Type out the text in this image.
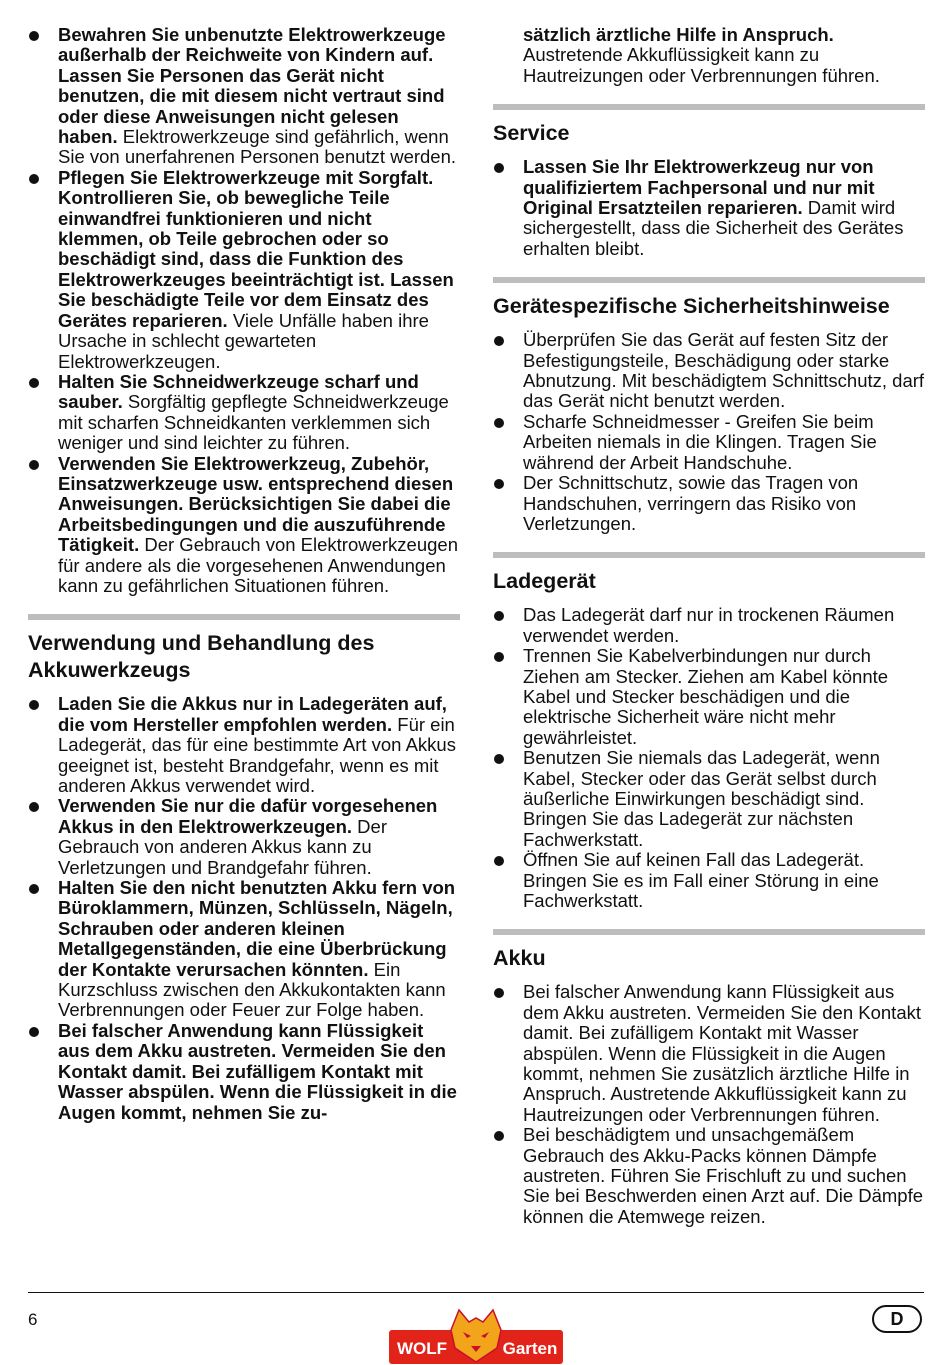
Bewahren Sie unbenutzte Elektrowerkzeuge außerhalb der Reichweite von Kindern auf. Lassen Sie Personen das Gerät nicht benutzen, die mit diesem nicht vertraut sind oder diese Anweisungen nicht gelesen haben. Elektrowerkzeuge sind gefährlich, wenn Sie von unerfahrenen Personen benutzt werden.
Pflegen Sie Elektrowerkzeuge mit Sorgfalt. Kontrollieren Sie, ob bewegliche Teile einwandfrei funktionieren und nicht klemmen, ob Teile gebrochen oder so beschädigt sind, dass die Funktion des Elektrowerkzeuges beeinträchtigt ist. Lassen Sie beschädigte Teile vor dem Einsatz des Gerätes reparieren. Viele Unfälle haben ihre Ursache in schlecht gewarteten Elektrowerkzeugen.
Halten Sie Schneidwerkzeuge scharf und sauber. Sorgfältig gepflegte Schneidwerkzeuge mit scharfen Schneidkanten verklemmen sich weniger und sind leichter zu führen.
Verwenden Sie Elektrowerkzeug, Zubehör, Einsatzwerkzeuge usw. entsprechend diesen Anweisungen. Berücksichtigen Sie dabei die Arbeitsbedingungen und die auszuführende Tätigkeit. Der Gebrauch von Elektrowerkzeugen für andere als die vorgesehenen Anwendungen kann zu gefährlichen Situationen führen.
Verwendung und Behandlung des Akkuwerkzeugs
Laden Sie die Akkus nur in Ladegeräten auf, die vom Hersteller empfohlen werden. Für ein Ladegerät, das für eine bestimmte Art von Akkus geeignet ist, besteht Brandgefahr, wenn es mit anderen Akkus verwendet wird.
Verwenden Sie nur die dafür vorgesehenen Akkus in den Elektrowerkzeugen. Der Gebrauch von anderen Akkus kann zu Verletzungen und Brandgefahr führen.
Halten Sie den nicht benutzten Akku fern von Büroklammern, Münzen, Schlüsseln, Nägeln, Schrauben oder anderen kleinen Metallgegenständen, die eine Überbrückung der Kontakte verursachen könnten. Ein Kurzschluss zwischen den Akkukontakten kann Verbrennungen oder Feuer zur Folge haben.
Bei falscher Anwendung kann Flüssigkeit aus dem Akku austreten. Vermeiden Sie den Kontakt damit. Bei zufälligem Kontakt mit Wasser abspülen. Wenn die Flüssigkeit in die Augen kommt, nehmen Sie zu-
sätzlich ärztliche Hilfe in Anspruch. Austretende Akkuflüssigkeit kann zu Hautreizungen oder Verbrennungen führen.
Service
Lassen Sie Ihr Elektrowerkzeug nur von qualifiziertem Fachpersonal und nur mit Original Ersatzteilen reparieren. Damit wird sichergestellt, dass die Sicherheit des Gerätes erhalten bleibt.
Gerätespezifische Sicherheitshinweise
Überprüfen Sie das Gerät auf festen Sitz der Befestigungsteile, Beschädigung oder starke Abnutzung. Mit beschädigtem Schnittschutz, darf das Gerät nicht benutzt werden.
Scharfe Schneidmesser - Greifen Sie beim Arbeiten niemals in die Klingen. Tragen Sie während der Arbeit Handschuhe.
Der Schnittschutz, sowie das Tragen von Handschuhen, verringern das Risiko von Verletzungen.
Ladegerät
Das Ladegerät darf nur in trockenen Räumen verwendet werden.
Trennen Sie Kabelverbindungen nur durch Ziehen am Stecker. Ziehen am Kabel könnte Kabel und Stecker beschädigen und die elektrische Sicherheit wäre nicht mehr gewährleistet.
Benutzen Sie niemals das Ladegerät, wenn Kabel, Stecker oder das Gerät selbst durch äußerliche Einwirkungen beschädigt sind. Bringen Sie das Ladegerät zur nächsten Fachwerkstatt.
Öffnen Sie auf keinen Fall das Ladegerät. Bringen Sie es im Fall einer Störung in eine Fachwerkstatt.
Akku
Bei falscher Anwendung kann Flüssigkeit aus dem Akku austreten. Vermeiden Sie den Kontakt damit. Bei zufälligem Kontakt mit Wasser abspülen. Wenn die Flüssigkeit in die Augen kommt, nehmen Sie zusätzlich ärztliche Hilfe in Anspruch. Austretende Akkuflüssigkeit kann zu Hautreizungen oder Verbrennungen führen.
Bei beschädigtem und unsachgemäßem Gebrauch des Akku-Packs können Dämpfe austreten. Führen Sie Frischluft zu und suchen Sie bei Beschwerden einen Arzt auf. Die Dämpfe können die Atemwege reizen.
6
WOLF	Garten
D
